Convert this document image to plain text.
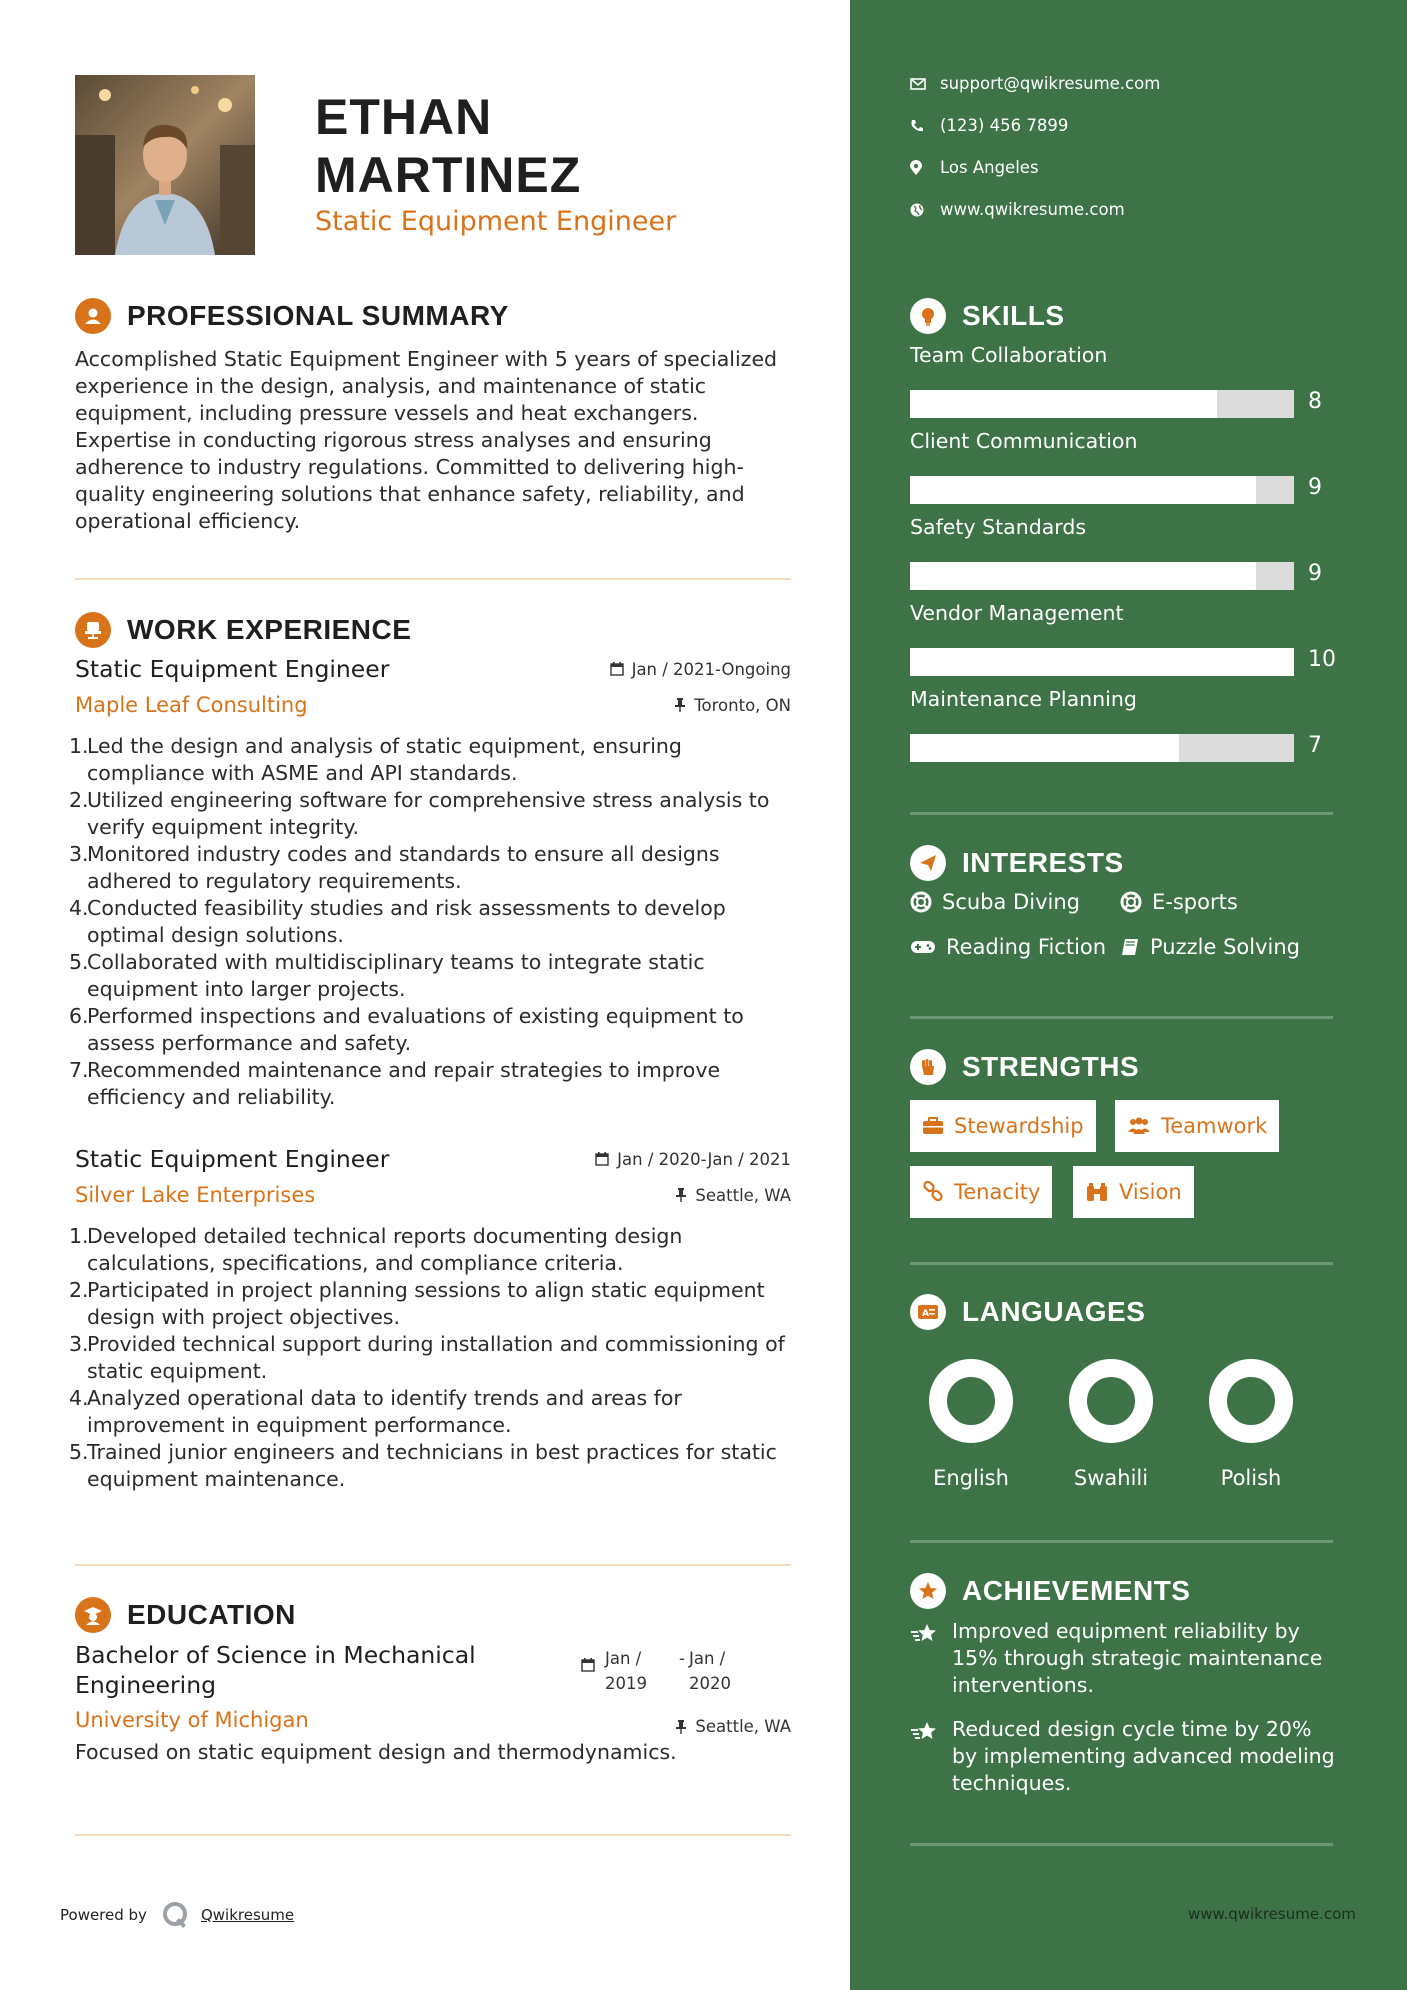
ETHAN
MARTINEZ
Static Equipment Engineer
PROFESSIONAL SUMMARY
Accomplished Static Equipment Engineer with 5 years of specialized experience in the design, analysis, and maintenance of static equipment, including pressure vessels and heat exchangers. Expertise in conducting rigorous stress analyses and ensuring adherence to industry regulations. Committed to delivering high-quality engineering solutions that enhance safety, reliability, and operational efficiency.
WORK EXPERIENCE
Static Equipment Engineer	Jan / 2021-Ongoing
Maple Leaf Consulting	Toronto, ON
1.Led the design and analysis of static equipment, ensuring compliance with ASME and API standards.
2.Utilized engineering software for comprehensive stress analysis to verify equipment integrity.
3.Monitored industry codes and standards to ensure all designs adhered to regulatory requirements.
4.Conducted feasibility studies and risk assessments to develop optimal design solutions.
5.Collaborated with multidisciplinary teams to integrate static equipment into larger projects.
6.Performed inspections and evaluations of existing equipment to assess performance and safety.
7.Recommended maintenance and repair strategies to improve efficiency and reliability.
Static Equipment Engineer	Jan / 2020-Jan / 2021
Silver Lake Enterprises	Seattle, WA
1.Developed detailed technical reports documenting design calculations, specifications, and compliance criteria.
2.Participated in project planning sessions to align static equipment design with project objectives.
3.Provided technical support during installation and commissioning of static equipment.
4.Analyzed operational data to identify trends and areas for improvement in equipment performance.
5.Trained junior engineers and technicians in best practices for static equipment maintenance.
EDUCATION
Bachelor of Science in Mechanical Engineering
Jan / 2019
- Jan / 2020
University of Michigan	Seattle, WA
Focused on static equipment design and thermodynamics.
Powered by	Qwikresume
support@qwikresume.com
(123) 456 7899
Los Angeles
www.qwikresume.com
SKILLS
Team Collaboration
8
Client Communication
9
Safety Standards
9
Vendor Management
10
Maintenance Planning
7
INTERESTS
Scuba Diving	E-sports
Reading Fiction Puzzle Solving
STRENGTHS
Stewardship	Teamwork
Tenacity	Vision
A LANGUAGES
English	Swahili	Polish
ACHIEVEMENTS
Improved equipment reliability by 15% through strategic maintenance interventions.
Reduced design cycle time by 20% by implementing advanced modeling techniques.
www.qwikresume.com
